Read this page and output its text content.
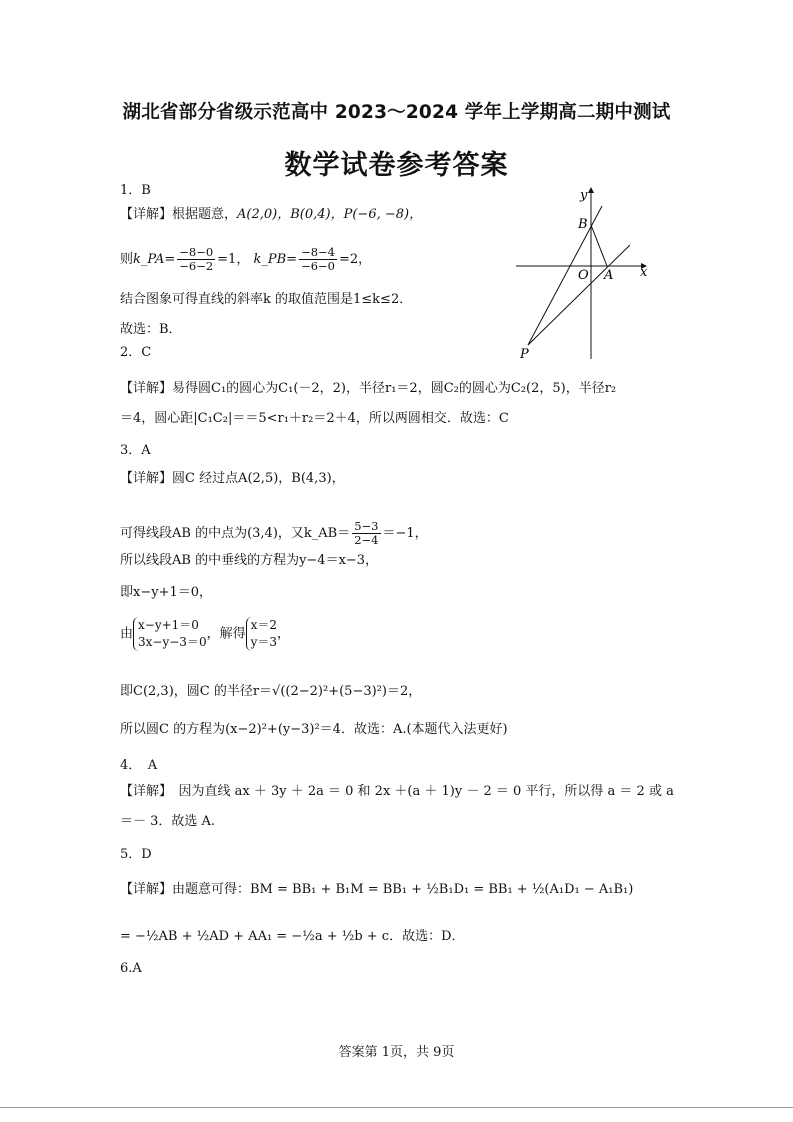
湖北省部分省级示范高中 2023～2024 学年上学期高二期中测试
数学试卷参考答案
1．B
【详解】根据题意，A(2,0)，B(0,4)，P(−6, −8)，
则k_PA= $\frac{-8-0}{-6-2} =1$， k_PB= $\frac{-8-4}{-6-0} =2$，
结合图象可得直线的斜率k 的取值范围是1≤k≤2．
故选：B．
y
x
B
O A
P
2．C
【详解】易得圆C₁的圆心为C₁(－2，2)，半径r₁＝2，圆C₂的圆心为C₂(2，5)，半径r₂
＝4，圆心距|C₁C₂|＝＝5<r₁＋r₂＝2＋4，所以两圆相交．故选：C
3．A
【详解】圆C 经过点A(2,5)，B(4,3)，
可得线段AB 的中点为(3,4)，又k_AB＝ $\frac{5-3}{2-4} =-1$，
所以线段AB 的中垂线的方程为y−4＝x−3，
即x−y+1＝0，
由
x−y+1＝0
3x−y−3＝0
，解得
x＝2
y＝3
，
即C(2,3)，圆C 的半径r＝√((2−2)²+(5−3)²)＝2，
所以圆C 的方程为(x−2)²+(y−3)²＝4．故选：A.(本题代入法更好)
4．　A
【详解】　因为直线 ax ＋ 3y ＋ 2a ＝ 0 和 2x ＋(a ＋ 1)y － 2 ＝ 0 平行，所以得 a ＝ 2 或 a
＝－ 3．故选 A.
5．D
【详解】由题意可得：BM = BB₁ + B₁M = BB₁ + ½B₁D₁ = BB₁ + ½(A₁D₁ − A₁B₁)
= −½AB + ½AD + AA₁ = −½a + ½b + c．故选：D．
6.A
答案第 1页，共 9页
